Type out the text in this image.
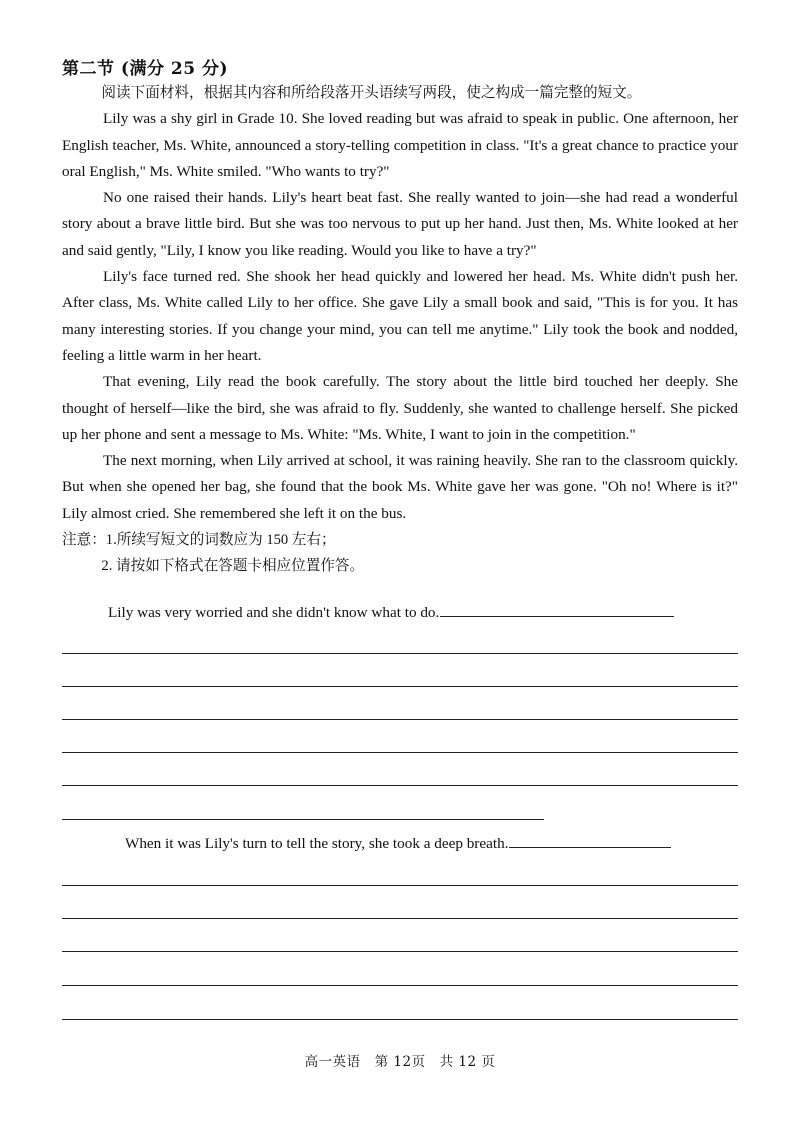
第二节 (满分 25 分)

阅读下面材料，根据其内容和所给段落开头语续写两段，使之构成一篇完整的短文。

Lily was a shy girl in Grade 10. She loved reading but was afraid to speak in public. One afternoon, her English teacher, Ms. White, announced a story-telling competition in class. "It's a great chance to practice your oral English," Ms. White smiled. "Who wants to try?"

No one raised their hands. Lily's heart beat fast. She really wanted to join—she had read a wonderful story about a brave little bird. But she was too nervous to put up her hand. Just then, Ms. White looked at her and said gently, "Lily, I know you like reading. Would you like to have a try?"

Lily's face turned red. She shook her head quickly and lowered her head. Ms. White didn't push her. After class, Ms. White called Lily to her office. She gave Lily a small book and said, "This is for you. It has many interesting stories. If you change your mind, you can tell me anytime." Lily took the book and nodded, feeling a little warm in her heart.

That evening, Lily read the book carefully. The story about the little bird touched her deeply. She thought of herself—like the bird, she was afraid to fly. Suddenly, she wanted to challenge herself. She picked up her phone and sent a message to Ms. White: "Ms. White, I want to join in the competition."

The next morning, when Lily arrived at school, it was raining heavily. She ran to the classroom quickly. But when she opened her bag, she found that the book Ms. White gave her was gone. "Oh no! Where is it?" Lily almost cried. She remembered she left it on the bus.

注意：1.所续写短文的词数应为 150 左右；

2. 请按如下格式在答题卡相应位置作答。

Lily was very worried and she didn't know what to do.
When it was Lily's turn to tell the story, she took a deep breath.
高一英语 第 12页 共 12 页
